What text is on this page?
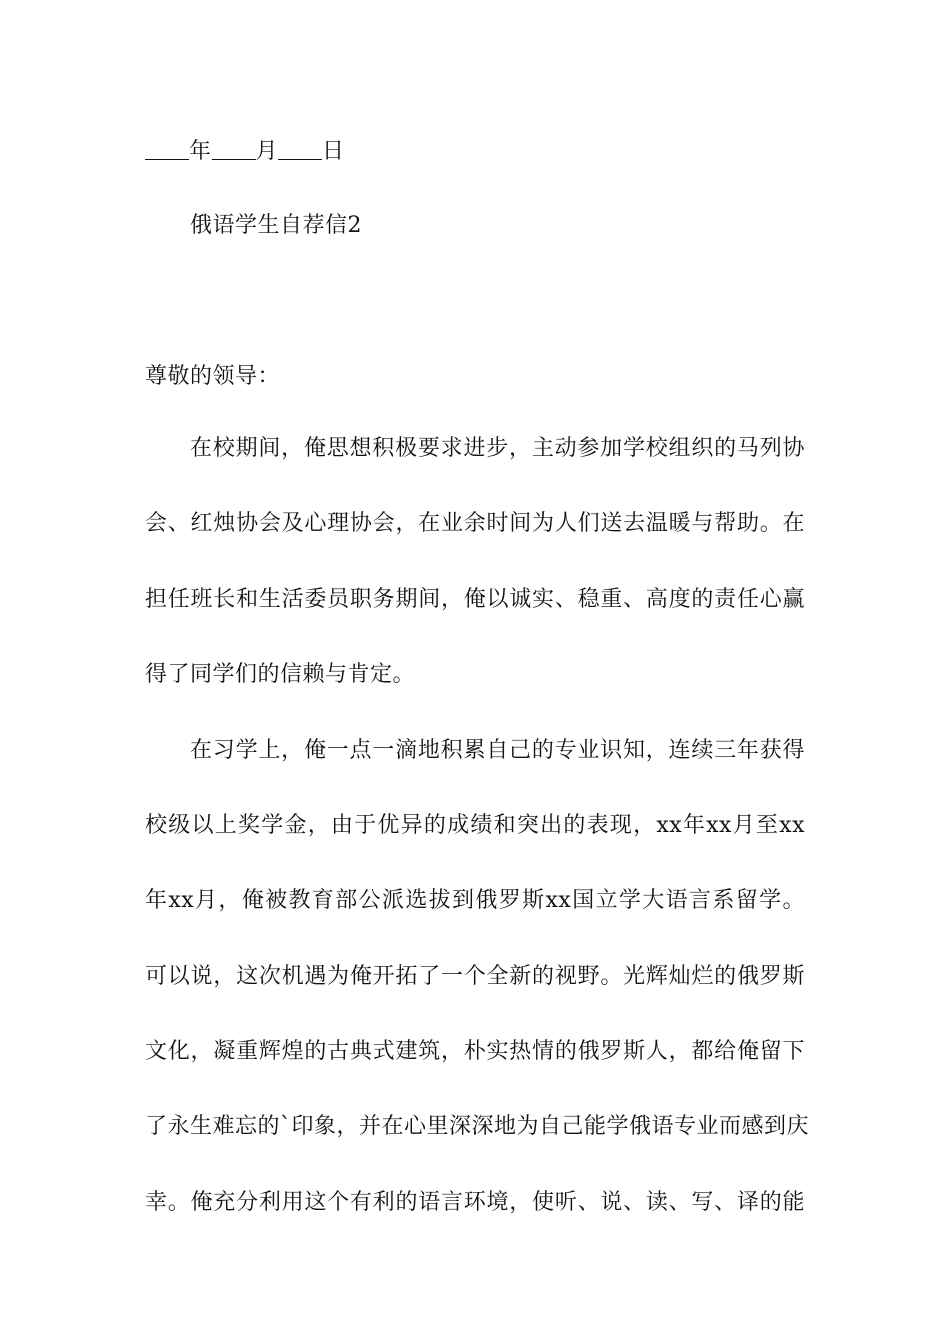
年 月 日
俄语学生自荐信2
尊敬的领导：
在校期间，俺思想积极要求进步，主动参加学校组织的马列协
会、红烛协会及心理协会，在业余时间为人们送去温暖与帮助。在
担任班长和生活委员职务期间，俺以诚实、稳重、高度的责任心赢
得了同学们的信赖与肯定。
在习学上，俺一点一滴地积累自己的专业识知，连续三年获得
校级以上奖学金，由于优异的成绩和突出的表现，xx年xx月至xx
年xx月，俺被教育部公派选拔到俄罗斯xx国立学大语言系留学。
可以说，这次机遇为俺开拓了一个全新的视野。光辉灿烂的俄罗斯
文化，凝重辉煌的古典式建筑，朴实热情的俄罗斯人，都给俺留下
了永生难忘的`印象，并在心里深深地为自己能学俄语专业而感到庆
幸。俺充分利用这个有利的语言环境，使听、说、读、写、译的能
